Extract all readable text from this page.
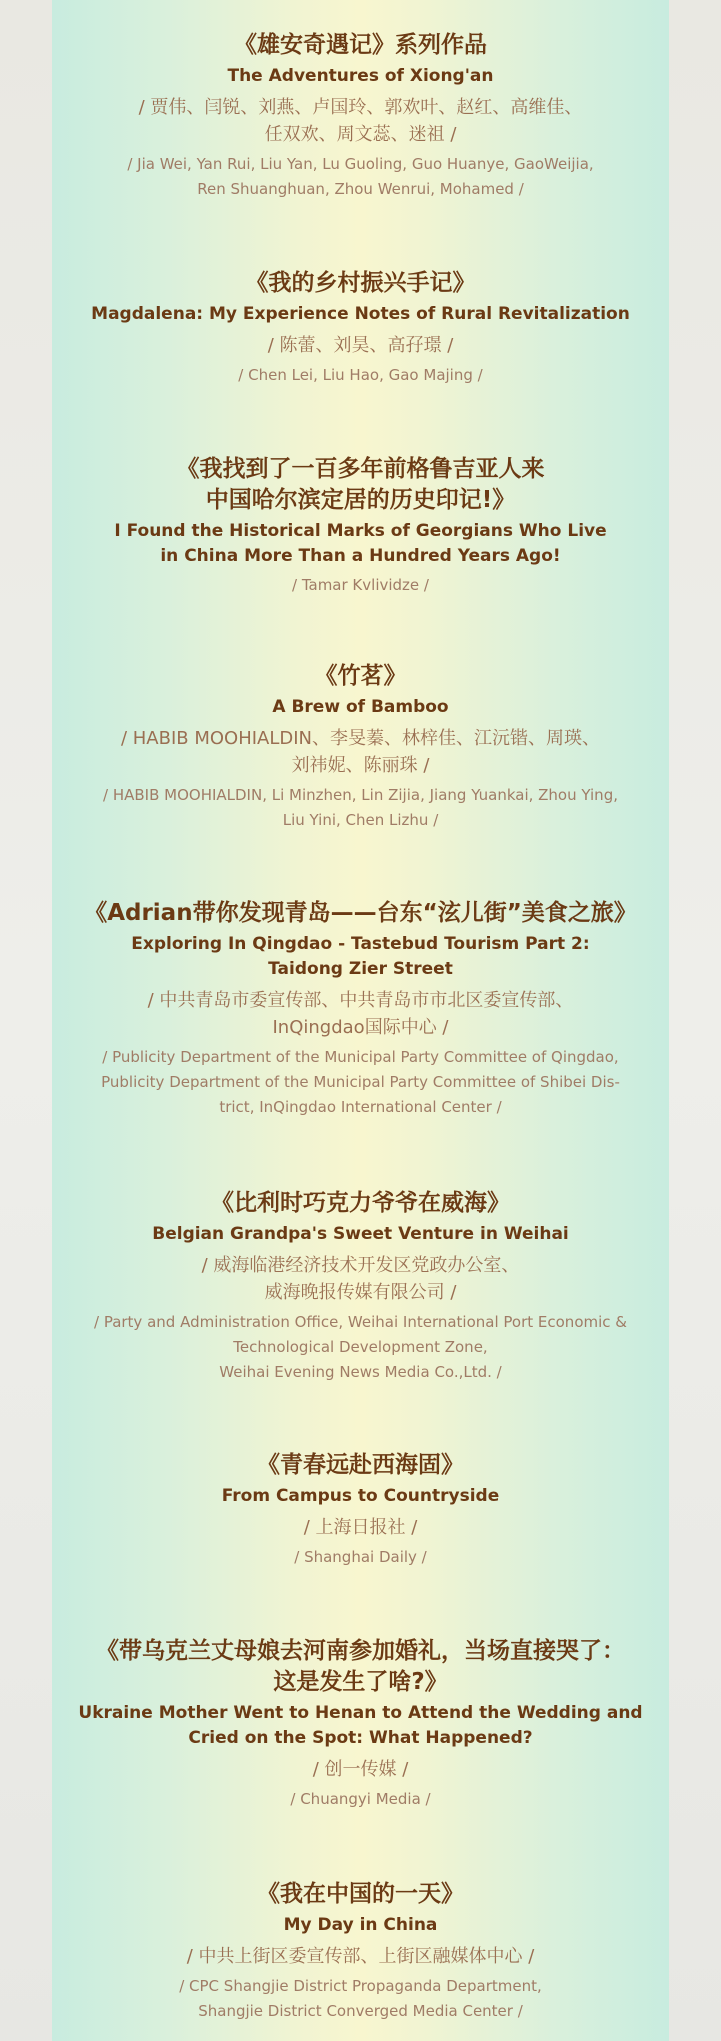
《雄安奇遇记》系列作品

The Adventures of Xiong'an

/ 贾伟、闫锐、刘燕、卢国玲、郭欢叶、赵红、高维佳、
任双欢、周文蕊、迷祖 /

/ Jia Wei, Yan Rui, Liu Yan, Lu Guoling, Guo Huanye, GaoWeijia,
Ren Shuanghuan, Zhou Wenrui, Mohamed /

《我的乡村振兴手记》

Magdalena: My Experience Notes of Rural Revitalization

/ 陈蕾、刘昊、高孖璟 /

/ Chen Lei, Liu Hao, Gao Majing /

《我找到了一百多年前格鲁吉亚人来
中国哈尔滨定居的历史印记!》

I Found the Historical Marks of Georgians Who Live
in China More Than a Hundred Years Ago!

/ Tamar Kvlividze /

《竹茗》

A Brew of Bamboo

/ HABIB MOOHIALDIN、李旻蓁、林梓佳、江沅锴、周瑛、
刘祎妮、陈丽珠 /

/ HABIB MOOHIALDIN, Li Minzhen, Lin Zijia, Jiang Yuankai, Zhou Ying,
Liu Yini, Chen Lizhu /

《Adrian带你发现青岛——台东“泫儿街”美食之旅》

Exploring In Qingdao - Tastebud Tourism Part 2:
Taidong Zier Street

/ 中共青岛市委宣传部、中共青岛市市北区委宣传部、
InQingdao国际中心 /

/ Publicity Department of the Municipal Party Committee of Qingdao,
Publicity Department of the Municipal Party Committee of Shibei Dis-
trict, InQingdao International Center /

《比利时巧克力爷爷在威海》

Belgian Grandpa's Sweet Venture in Weihai

/ 威海临港经济技术开发区党政办公室、
威海晚报传媒有限公司 /

/ Party and Administration Office, Weihai International Port Economic &
Technological Development Zone,
Weihai Evening News Media Co.,Ltd. /

《青春远赴西海固》

From Campus to Countryside

/ 上海日报社 /

/ Shanghai Daily /

《带乌克兰丈母娘去河南参加婚礼，当场直接哭了：
这是发生了啥?》

Ukraine Mother Went to Henan to Attend the Wedding and
Cried on the Spot: What Happened?

/ 创一传媒 /

/ Chuangyi Media /

《我在中国的一天》

My Day in China

/ 中共上街区委宣传部、上街区融媒体中心 /

/ CPC Shangjie District Propaganda Department,
Shangjie District Converged Media Center /
